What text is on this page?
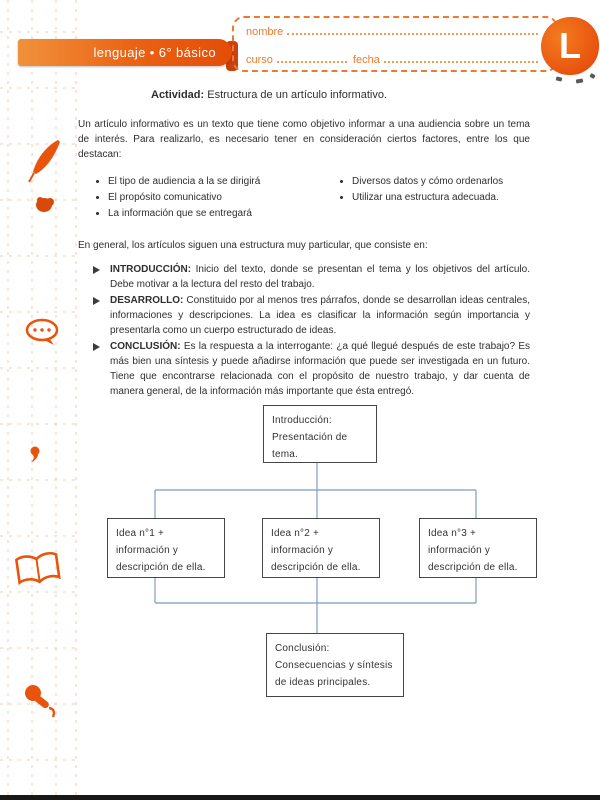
lenguaje • 6° básico
nombre
curso	fecha	L
Actividad: Estructura de un artículo informativo.

Un artículo informativo es un texto que tiene como objetivo informar a una audiencia sobre un tema de interés. Para realizarlo, es necesario tener en consideración ciertos factores, entre los que destacan:

• El tipo de audiencia a la se dirigirá
• El propósito comunicativo
• La información que se entregará
• Diversos datos y cómo ordenarlos
• Utilizar una estructura adecuada.

En general, los artículos siguen una estructura muy particular, que consiste en:

INTRODUCCIÓN: Inicio del texto, donde se presentan el tema y los objetivos del artículo. Debe motivar a la lectura del resto del trabajo.
DESARROLLO: Constituido por al menos tres párrafos, donde se desarrollan ideas centrales, informaciones y descripciones. La idea es clasificar la información según importancia y presentarla como un cuerpo estructurado de ideas.
CONCLUSIÓN: Es la respuesta a la interrogante: ¿a qué llegué después de este trabajo? Es más bien una síntesis y puede añadirse información que puede ser investigada en un futuro. Tiene que encontrarse relacionada con el propósito de nuestro trabajo, y dar cuenta de manera general, de la información más importante que ésta entregó.
Introducción: Presentación de tema.
Idea n°1 + información y descripción de ella.
Idea n°2 + información y descripción de ella.
Idea n°3 + información y descripción de ella.
Conclusión: Consecuencias y síntesis de ideas principales.
